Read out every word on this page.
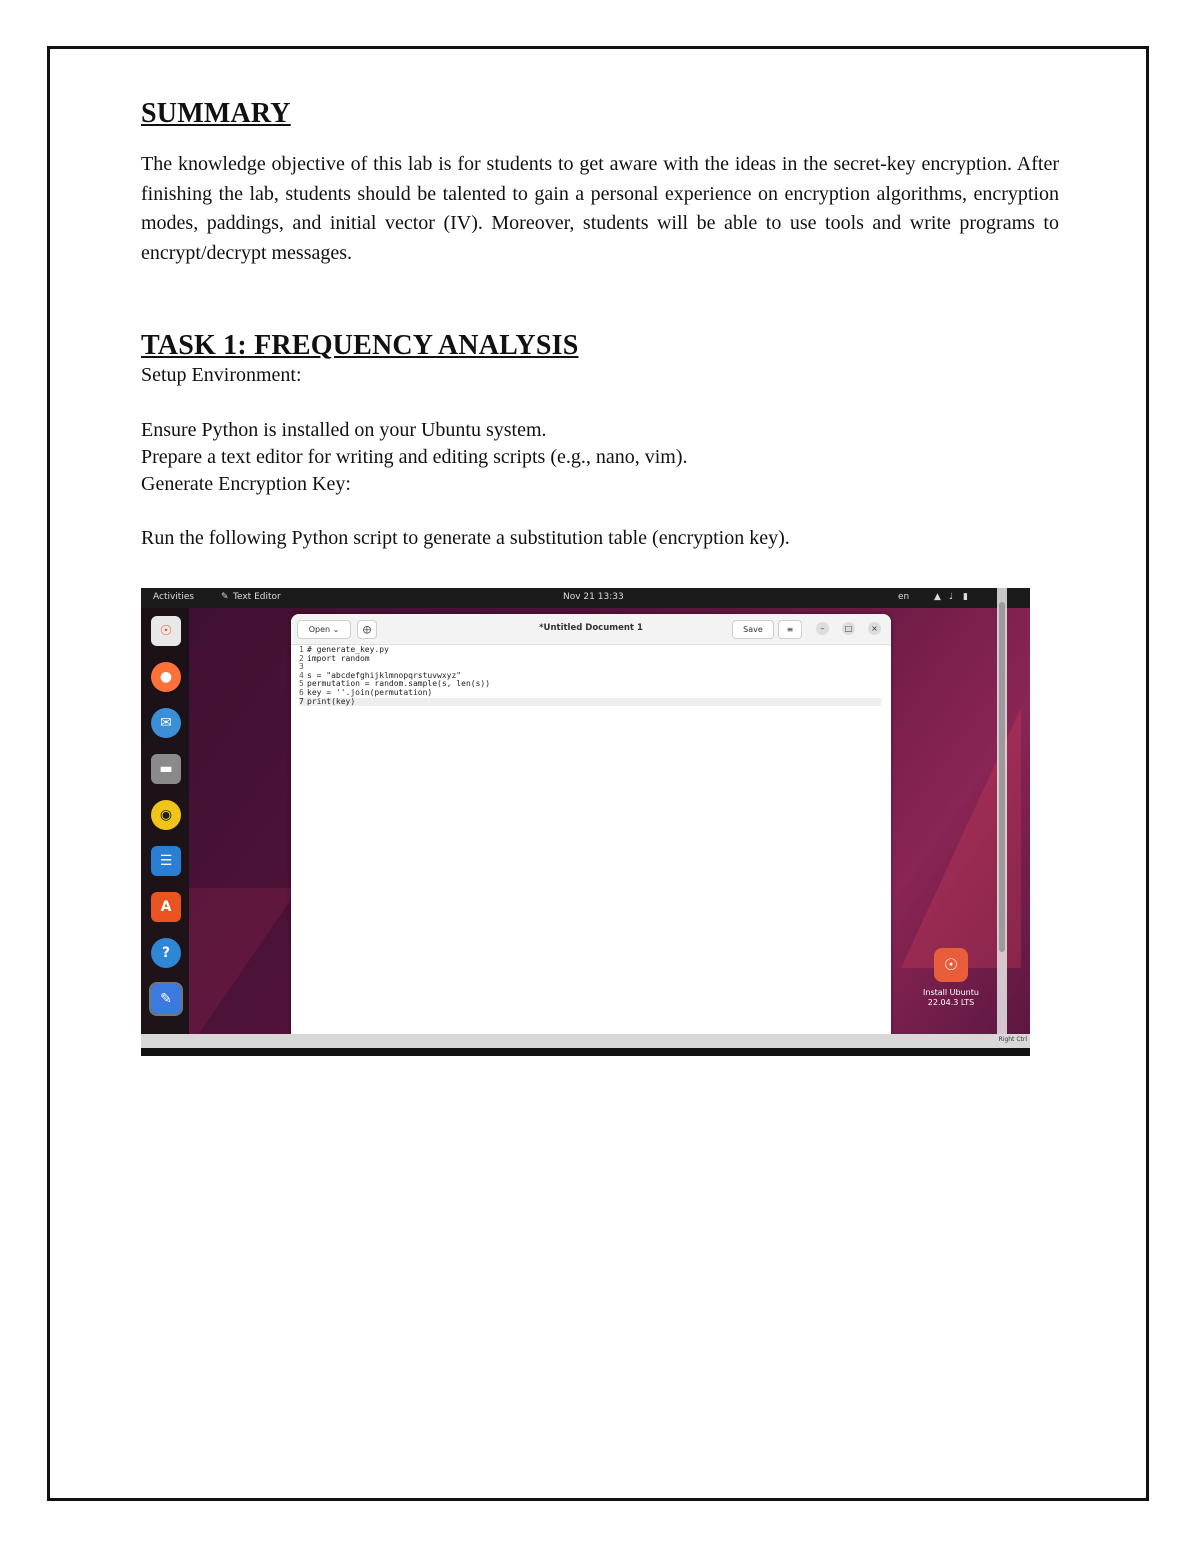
SUMMARY

The knowledge objective of this lab is for students to get aware with the ideas in the secret-key encryption. After finishing the lab, students should be talented to gain a personal experience on encryption algorithms, encryption modes, paddings, and initial vector (IV). Moreover, students will be able to use tools and write programs to encrypt/decrypt messages.

TASK 1: FREQUENCY ANALYSIS

Setup Environment:

Ensure Python is installed on your Ubuntu system.

Prepare a text editor for writing and editing scripts (e.g., nano, vim).

Generate Encryption Key:

Run the following Python script to generate a substitution table (encryption key).

Activities	✎ Text Editor	Nov 21 13:33	en	▲ ♩ ▮
☉
●
✉
▬
◉
☰
A
?
✎
Open ⌄	⨁	*Untitled Document 1	Save	≡	–	□	×
1 # generate_key.py
2 import random
3
4 s = "abcdefghijklmnopqrstuvwxyz"
5 permutation = random.sample(s, len(s))
6 key = ''.join(permutation)
7 print(key)
☉
Install Ubuntu
22.04.3 LTS
Right Ctrl
